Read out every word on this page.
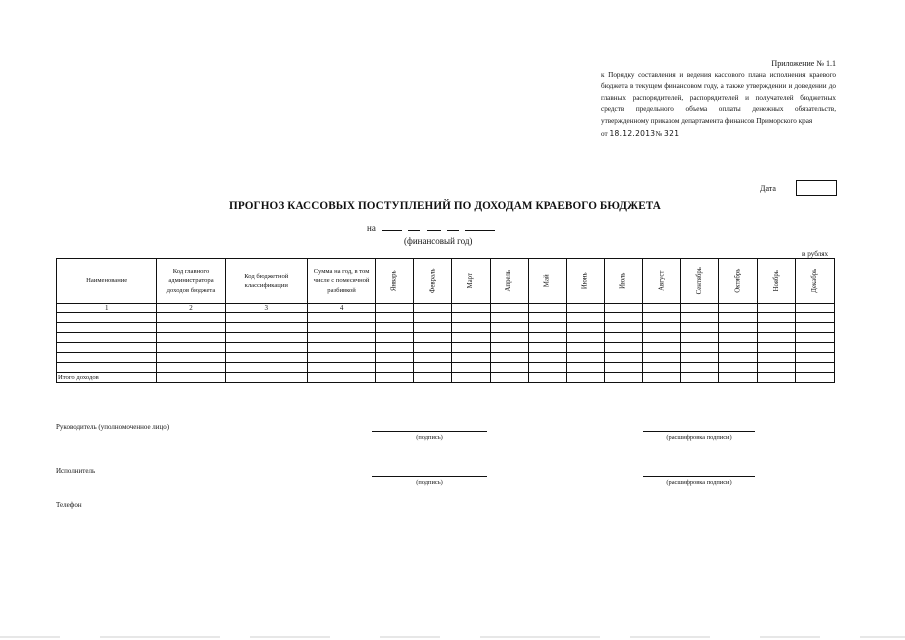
Приложение № 1.1
к Порядку составления и ведения кассового плана исполнения краевого бюджета в текущем финансовом году, а также утверждении и доведении до главных распорядителей, распорядителей и получателей бюджетных средств предельного объема оплаты денежных обязательств, утвержденному приказом департамента финансов Приморского края
от 18.12.2013№ 321
Дата
ПРОГНОЗ КАССОВЫХ ПОСТУПЛЕНИЙ ПО ДОХОДАМ КРАЕВОГО БЮДЖЕТА
на
(финансовый год)
в рублях
Наименование	Код главного администратора доходов бюджета	Код бюджетной классификации	Сумма на год, в том числе с помесячной разбивкой	Январь	Февраль	Март	Апрель	Май	Июнь	Июль	Август	Сентябрь	Октябрь	Ноябрь	Декабрь
1	2	3	4												

Итого доходов															
Руководитель (уполномоченное лицо)
(подпись)	(расшифровка подписи)
Исполнитель
(подпись)	(расшифровка подписи)
Телефон
